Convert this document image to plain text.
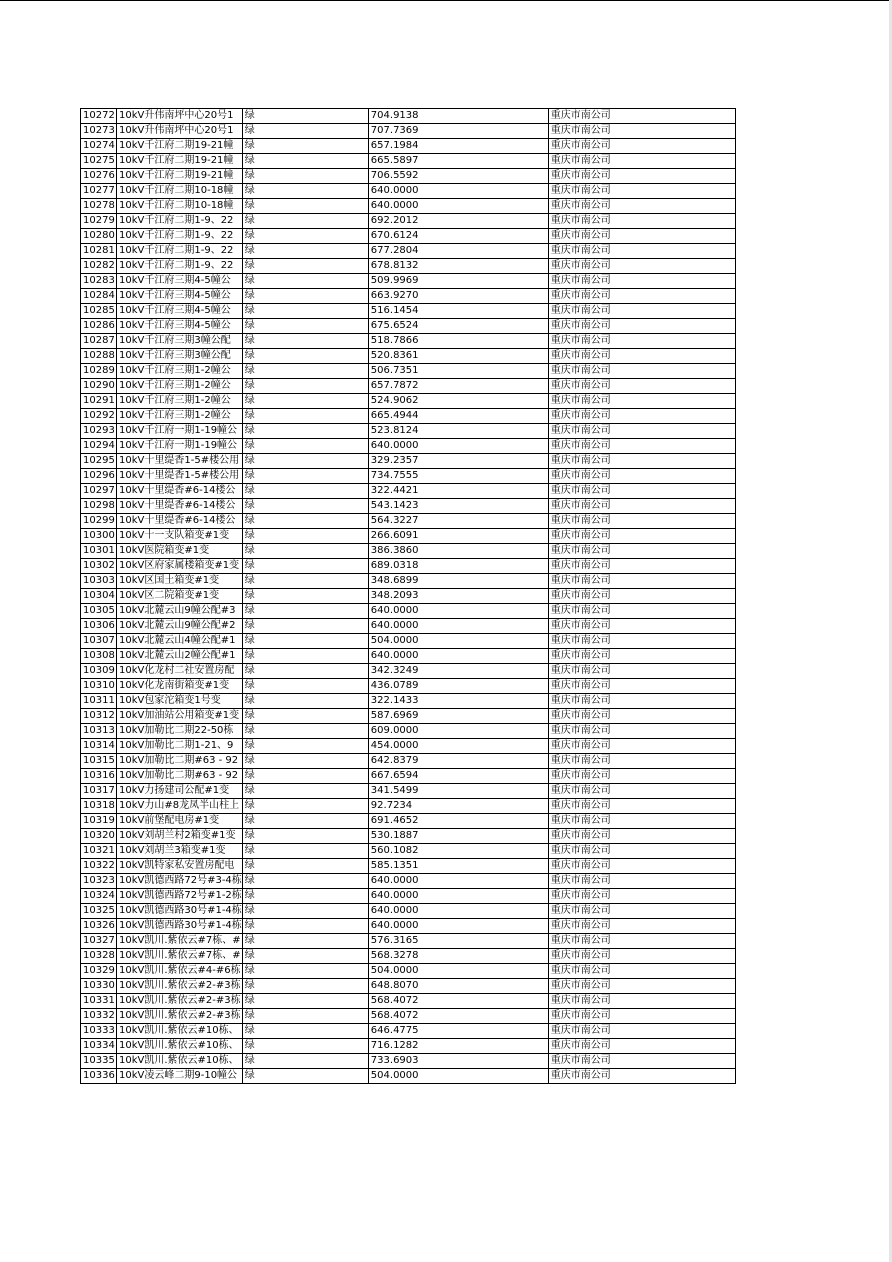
10272	10kV升伟南坪中心20号1	绿	704.9138	重庆市南公司
10273	10kV升伟南坪中心20号1	绿	707.7369	重庆市南公司
10274	10kV千江府二期19-21幢	绿	657.1984	重庆市南公司
10275	10kV千江府二期19-21幢	绿	665.5897	重庆市南公司
10276	10kV千江府二期19-21幢	绿	706.5592	重庆市南公司
10277	10kV千江府二期10-18幢	绿	640.0000	重庆市南公司
10278	10kV千江府二期10-18幢	绿	640.0000	重庆市南公司
10279	10kV千江府二期1-9、22	绿	692.2012	重庆市南公司
10280	10kV千江府二期1-9、22	绿	670.6124	重庆市南公司
10281	10kV千江府二期1-9、22	绿	677.2804	重庆市南公司
10282	10kV千江府二期1-9、22	绿	678.8132	重庆市南公司
10283	10kV千江府三期4-5幢公	绿	509.9969	重庆市南公司
10284	10kV千江府三期4-5幢公	绿	663.9270	重庆市南公司
10285	10kV千江府三期4-5幢公	绿	516.1454	重庆市南公司
10286	10kV千江府三期4-5幢公	绿	675.6524	重庆市南公司
10287	10kV千江府三期3幢公配	绿	518.7866	重庆市南公司
10288	10kV千江府三期3幢公配	绿	520.8361	重庆市南公司
10289	10kV千江府三期1-2幢公	绿	506.7351	重庆市南公司
10290	10kV千江府三期1-2幢公	绿	657.7872	重庆市南公司
10291	10kV千江府三期1-2幢公	绿	524.9062	重庆市南公司
10292	10kV千江府三期1-2幢公	绿	665.4944	重庆市南公司
10293	10kV千江府一期1-19幢公	绿	523.8124	重庆市南公司
10294	10kV千江府一期1-19幢公	绿	640.0000	重庆市南公司
10295	10kV十里缇香1-5#楼公用	绿	329.2357	重庆市南公司
10296	10kV十里缇香1-5#楼公用	绿	734.7555	重庆市南公司
10297	10kV十里缇香#6-14楼公	绿	322.4421	重庆市南公司
10298	10kV十里缇香#6-14楼公	绿	543.1423	重庆市南公司
10299	10kV十里缇香#6-14楼公	绿	564.3227	重庆市南公司
10300	10kV十一支队箱变#1变	绿	266.6091	重庆市南公司
10301	10kV医院箱变#1变	绿	386.3860	重庆市南公司
10302	10kV区府家属楼箱变#1变	绿	689.0318	重庆市南公司
10303	10kV区国土箱变#1变	绿	348.6899	重庆市南公司
10304	10kV区二院箱变#1变	绿	348.2093	重庆市南公司
10305	10kV北麓云山9幢公配#3	绿	640.0000	重庆市南公司
10306	10kV北麓云山9幢公配#2	绿	640.0000	重庆市南公司
10307	10kV北麓云山4幢公配#1	绿	504.0000	重庆市南公司
10308	10kV北麓云山2幢公配#1	绿	640.0000	重庆市南公司
10309	10kV化龙村二社安置房配	绿	342.3249	重庆市南公司
10310	10kV化龙南街箱变#1变	绿	436.0789	重庆市南公司
10311	10kV包家沱箱变1号变	绿	322.1433	重庆市南公司
10312	10kV加油站公用箱变#1变	绿	587.6969	重庆市南公司
10313	10kV加勒比二期22-50栋	绿	609.0000	重庆市南公司
10314	10kV加勒比二期1-21、9	绿	454.0000	重庆市南公司
10315	10kV加勒比二期#63 - 92	绿	642.8379	重庆市南公司
10316	10kV加勒比二期#63 - 92	绿	667.6594	重庆市南公司
10317	10kV力扬建司公配#1变	绿	341.5499	重庆市南公司
10318	10kV力山#8龙凤半山柱上	绿	92.7234	重庆市南公司
10319	10kV前堡配电房#1变	绿	691.4652	重庆市南公司
10320	10kV刘胡兰村2箱变#1变	绿	530.1887	重庆市南公司
10321	10kV刘胡兰3箱变#1变	绿	560.1082	重庆市南公司
10322	10kV凯特家私安置房配电	绿	585.1351	重庆市南公司
10323	10kV凯德西路72号#3-4栋	绿	640.0000	重庆市南公司
10324	10kV凯德西路72号#1-2栋	绿	640.0000	重庆市南公司
10325	10kV凯德西路30号#1-4栋	绿	640.0000	重庆市南公司
10326	10kV凯德西路30号#1-4栋	绿	640.0000	重庆市南公司
10327	10kV凯川.紫依云#7栋、#	绿	576.3165	重庆市南公司
10328	10kV凯川.紫依云#7栋、#	绿	568.3278	重庆市南公司
10329	10kV凯川.紫依云#4-#6栋	绿	504.0000	重庆市南公司
10330	10kV凯川.紫依云#2-#3栋	绿	648.8070	重庆市南公司
10331	10kV凯川.紫依云#2-#3栋	绿	568.4072	重庆市南公司
10332	10kV凯川.紫依云#2-#3栋	绿	568.4072	重庆市南公司
10333	10kV凯川.紫依云#10栋、	绿	646.4775	重庆市南公司
10334	10kV凯川.紫依云#10栋、	绿	716.1282	重庆市南公司
10335	10kV凯川.紫依云#10栋、	绿	733.6903	重庆市南公司
10336	10kV凌云峰二期9-10幢公	绿	504.0000	重庆市南公司
